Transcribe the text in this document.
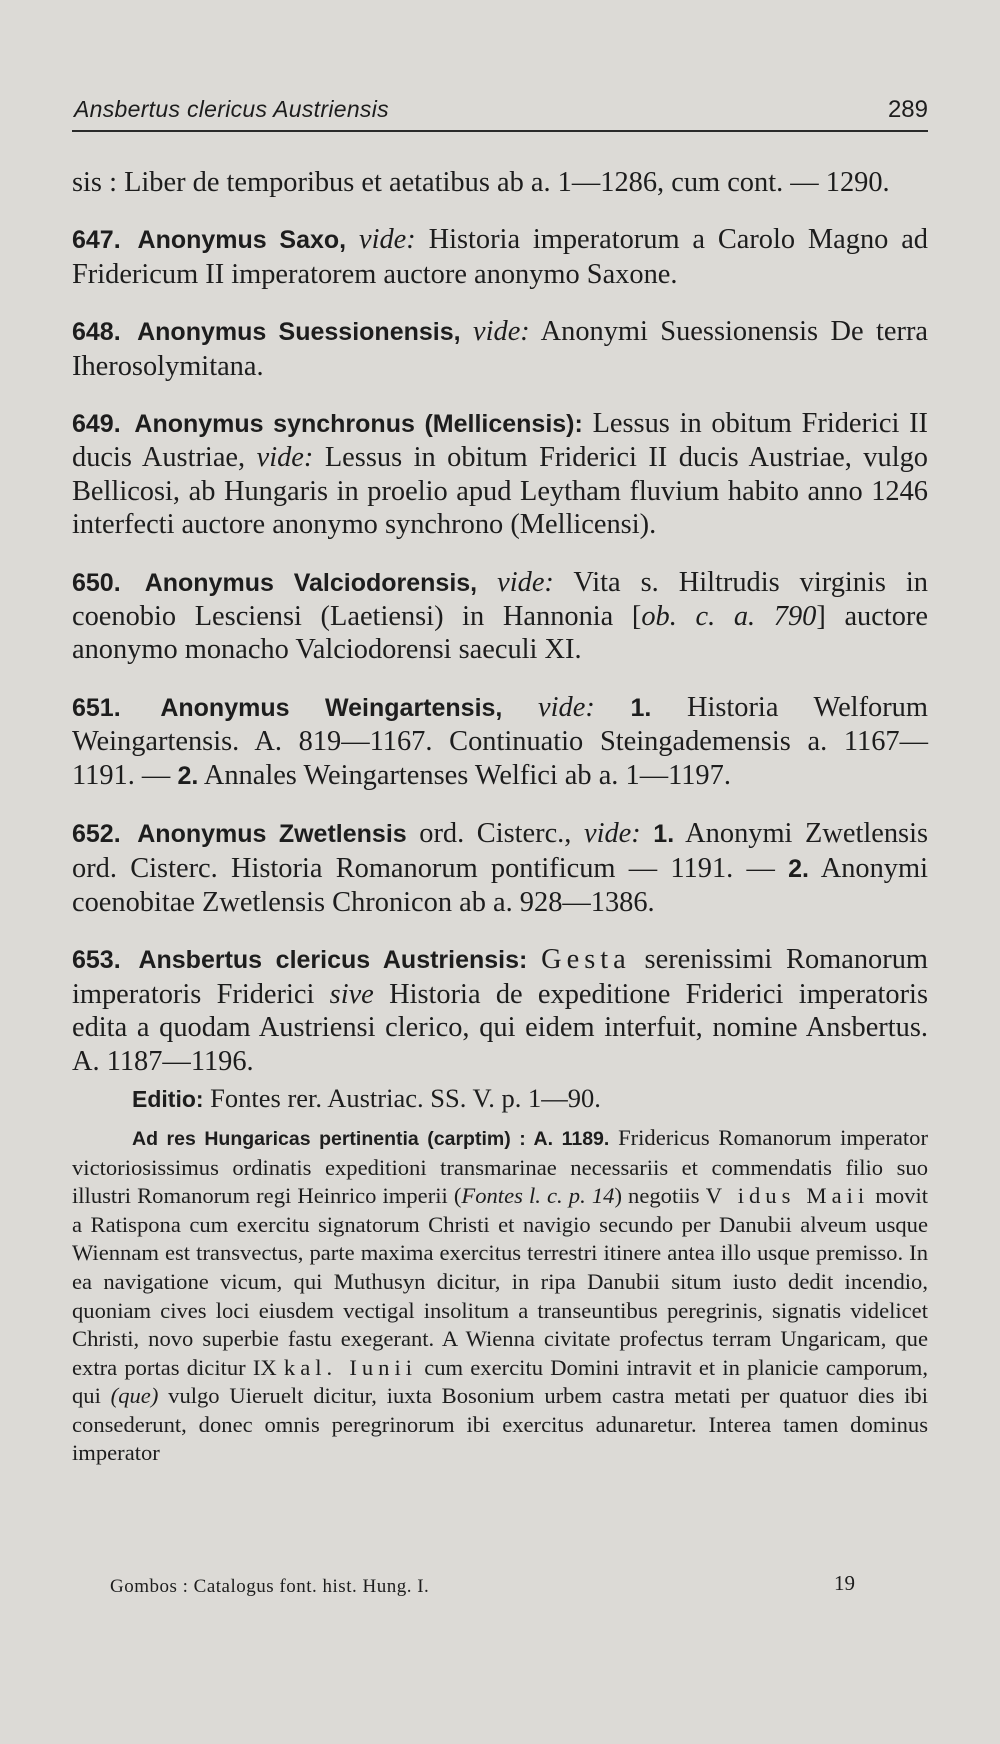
Ansbertus clericus Austriensis	289

sis : Liber de temporibus et aetatibus ab a. 1—1286, cum cont. — 1290.

647. Anonymus Saxo, vide: Historia imperatorum a Carolo Magno ad Fridericum II imperatorem auctore anonymo Saxone.

648. Anonymus Suessionensis, vide: Anonymi Suessionensis De terra Iherosolymitana.

649. Anonymus synchronus (Mellicensis): Lessus in obitum Friderici II ducis Austriae, vide: Lessus in obitum Friderici II ducis Austriae, vulgo Bellicosi, ab Hungaris in proelio apud Leytham fluvium habito anno 1246 interfecti auctore anonymo synchrono (Mellicensi).

650. Anonymus Valciodorensis, vide: Vita s. Hiltrudis virginis in coenobio Lesciensi (Laetiensi) in Hannonia [ob. c. a. 790] auctore anonymo monacho Valciodorensi saeculi XI.

651. Anonymus Weingartensis, vide: 1. Historia Welforum Weingartensis. A. 819—1167. Continuatio Steingademensis a. 1167—1191. — 2. Annales Weingartenses Welfici ab a. 1—1197.

652. Anonymus Zwetlensis ord. Cisterc., vide: 1. Anonymi Zwetlensis ord. Cisterc. Historia Romanorum pontificum — 1191. — 2. Anonymi coenobitae Zwetlensis Chronicon ab a. 928—1386.

653. Ansbertus clericus Austriensis: Gesta serenissimi Romanorum imperatoris Friderici sive Historia de expeditione Friderici imperatoris edita a quodam Austriensi clerico, qui eidem interfuit, nomine Ansbertus. A. 1187—1196.

Editio: Fontes rer. Austriac. SS. V. p. 1—90.

Ad res Hungaricas pertinentia (carptim) : A. 1189. Fridericus Romanorum imperator victoriosissimus ordinatis expeditioni transmarinae necessariis et commendatis filio suo illustri Romanorum regi Heinrico imperii (Fontes l. c. p. 14) negotiis V idus Maii movit a Ratispona cum exercitu signatorum Christi et navigio secundo per Danubii alveum usque Wiennam est transvectus, parte maxima exercitus terrestri itinere antea illo usque premisso. In ea navigatione vicum, qui Muthusyn dicitur, in ripa Danubii situm iusto dedit incendio, quoniam cives loci eiusdem vectigal insolitum a transeuntibus peregrinis, signatis videlicet Christi, novo superbie fastu exegerant. A Wienna civitate profectus terram Ungaricam, que extra portas dicitur IX kal. Iunii cum exercitu Domini intravit et in planicie camporum, qui (que) vulgo Uieruelt dicitur, iuxta Bosonium urbem castra metati per quatuor dies ibi consederunt, donec omnis peregrinorum ibi exercitus adunaretur. Interea tamen dominus imperator

Gombos : Catalogus font. hist. Hung. I.	19
